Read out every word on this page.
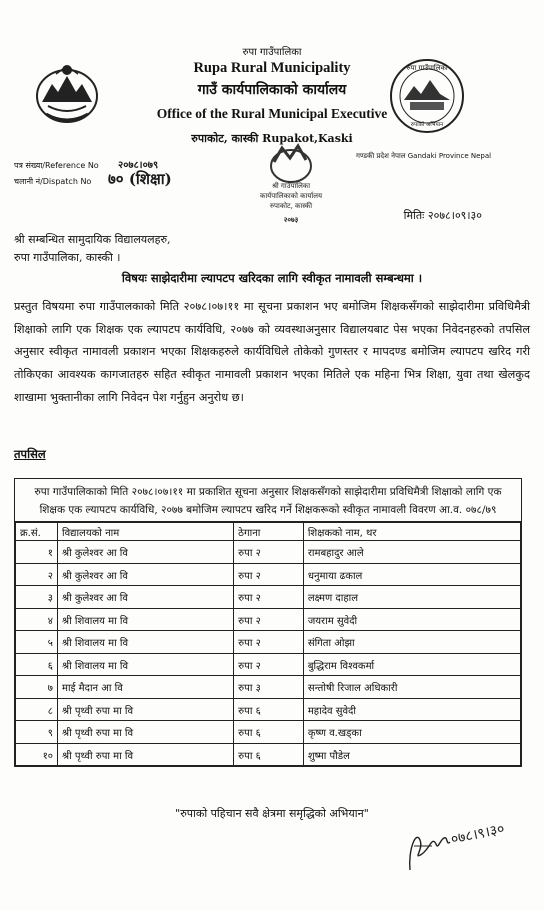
रुपा गाउँपालिका
Rupa Rural Municipality
गाउँ कार्यपालिकाको कार्यालय
Office of the Rural Municipal Executive
रुपाकोट, कास्की Rupakot,Kaski
रुपा गाउँपालिका
रुपाको अभियान
गण्डकी प्रदेश नेपाल Gandaki Province Nepal
पत्र संख्या/Reference No २०७८।०७९
चलानी नं/Dispatch No ७० (शिक्षा)	श्री गाउँपालिका
कार्यपालिकाको कार्यालय
रुपाकोट, कास्की
२०७३	मितिः २०७८।०९।३०
श्री सम्बन्धित सामुदायिक विद्यालयलहरु,
रुपा गाउँपालिका, कास्की ।
विषयः साझेदारीमा ल्यापटप खरिदका लागि स्वीकृत नामावली सम्बन्धमा ।
प्रस्तुत विषयमा रुपा गाउँपालकाको मिति २०७८।०७।११ मा सूचना प्रकाशन भए बमोजिम शिक्षकसँगको साझेदारीमा प्रविधिमैत्री शिक्षाको लागि एक शिक्षक एक ल्यापटप कार्यविधि, २०७७ को व्यवस्थाअनुसार विद्यालयबाट पेस भएका निवेदनहरुको तपसिल अनुसार स्वीकृत नामावली प्रकाशन भएका शिक्षकहरुले कार्यविधिले तोकेको गुणस्तर र मापदण्ड बमोजिम ल्यापटप खरिद गरी तोकिएका आवश्यक कागजातहरु सहित स्वीकृत नामावली प्रकाशन भएका मितिले एक महिना भित्र शिक्षा, युवा तथा खेलकुद शाखामा भुक्तानीका लागि निवेदन पेश गर्नुहुन अनुरोध छ।
तपसिल
रुपा गाउँपालिकाको मिति २०७८।०७।११ मा प्रकाशित सूचना अनुसार शिक्षकसँगको साझेदारीमा प्रविधिमैत्री शिक्षाको लागि एक शिक्षक एक ल्यापटप कार्यविधि, २०७७ बमोजिम ल्यापटप खरिद गर्ने शिक्षकरूको स्वीकृत नामावली विवरण आ.व. ०७८/७९
क्र.सं.	विद्यालयको नाम	ठेगाना	शिक्षकको नाम, थर
१	श्री कुलेश्वर आ वि	रुपा २	रामबहादुर आले
२	श्री कुलेश्वर आ वि	रुपा २	धनुमाया ढकाल
३	श्री कुलेश्वर आ वि	रुपा २	लक्ष्मण दाहाल
४	श्री शिवालय मा वि	रुपा २	जयराम सुवेदी
५	श्री शिवालय मा वि	रुपा २	संगिता ओझा
६	श्री शिवालय मा वि	रुपा २	बुद्धिराम विश्वकर्मा
७	माई मैदान आ वि	रुपा ३	सन्तोषी रिजाल अधिकारी
८	श्री पृथ्वी रुपा मा वि	रुपा ६	महादेव सुवेदी
९	श्री पृथ्वी रुपा मा वि	रुपा ६	कृष्ण व.खड्का
१०	श्री पृथ्वी रुपा मा वि	रुपा ६	शुष्मा पौडेल
"रुपाको पहिचान सवै क्षेत्रमा समृद्धिको अभियान"
०७८।९।३०
